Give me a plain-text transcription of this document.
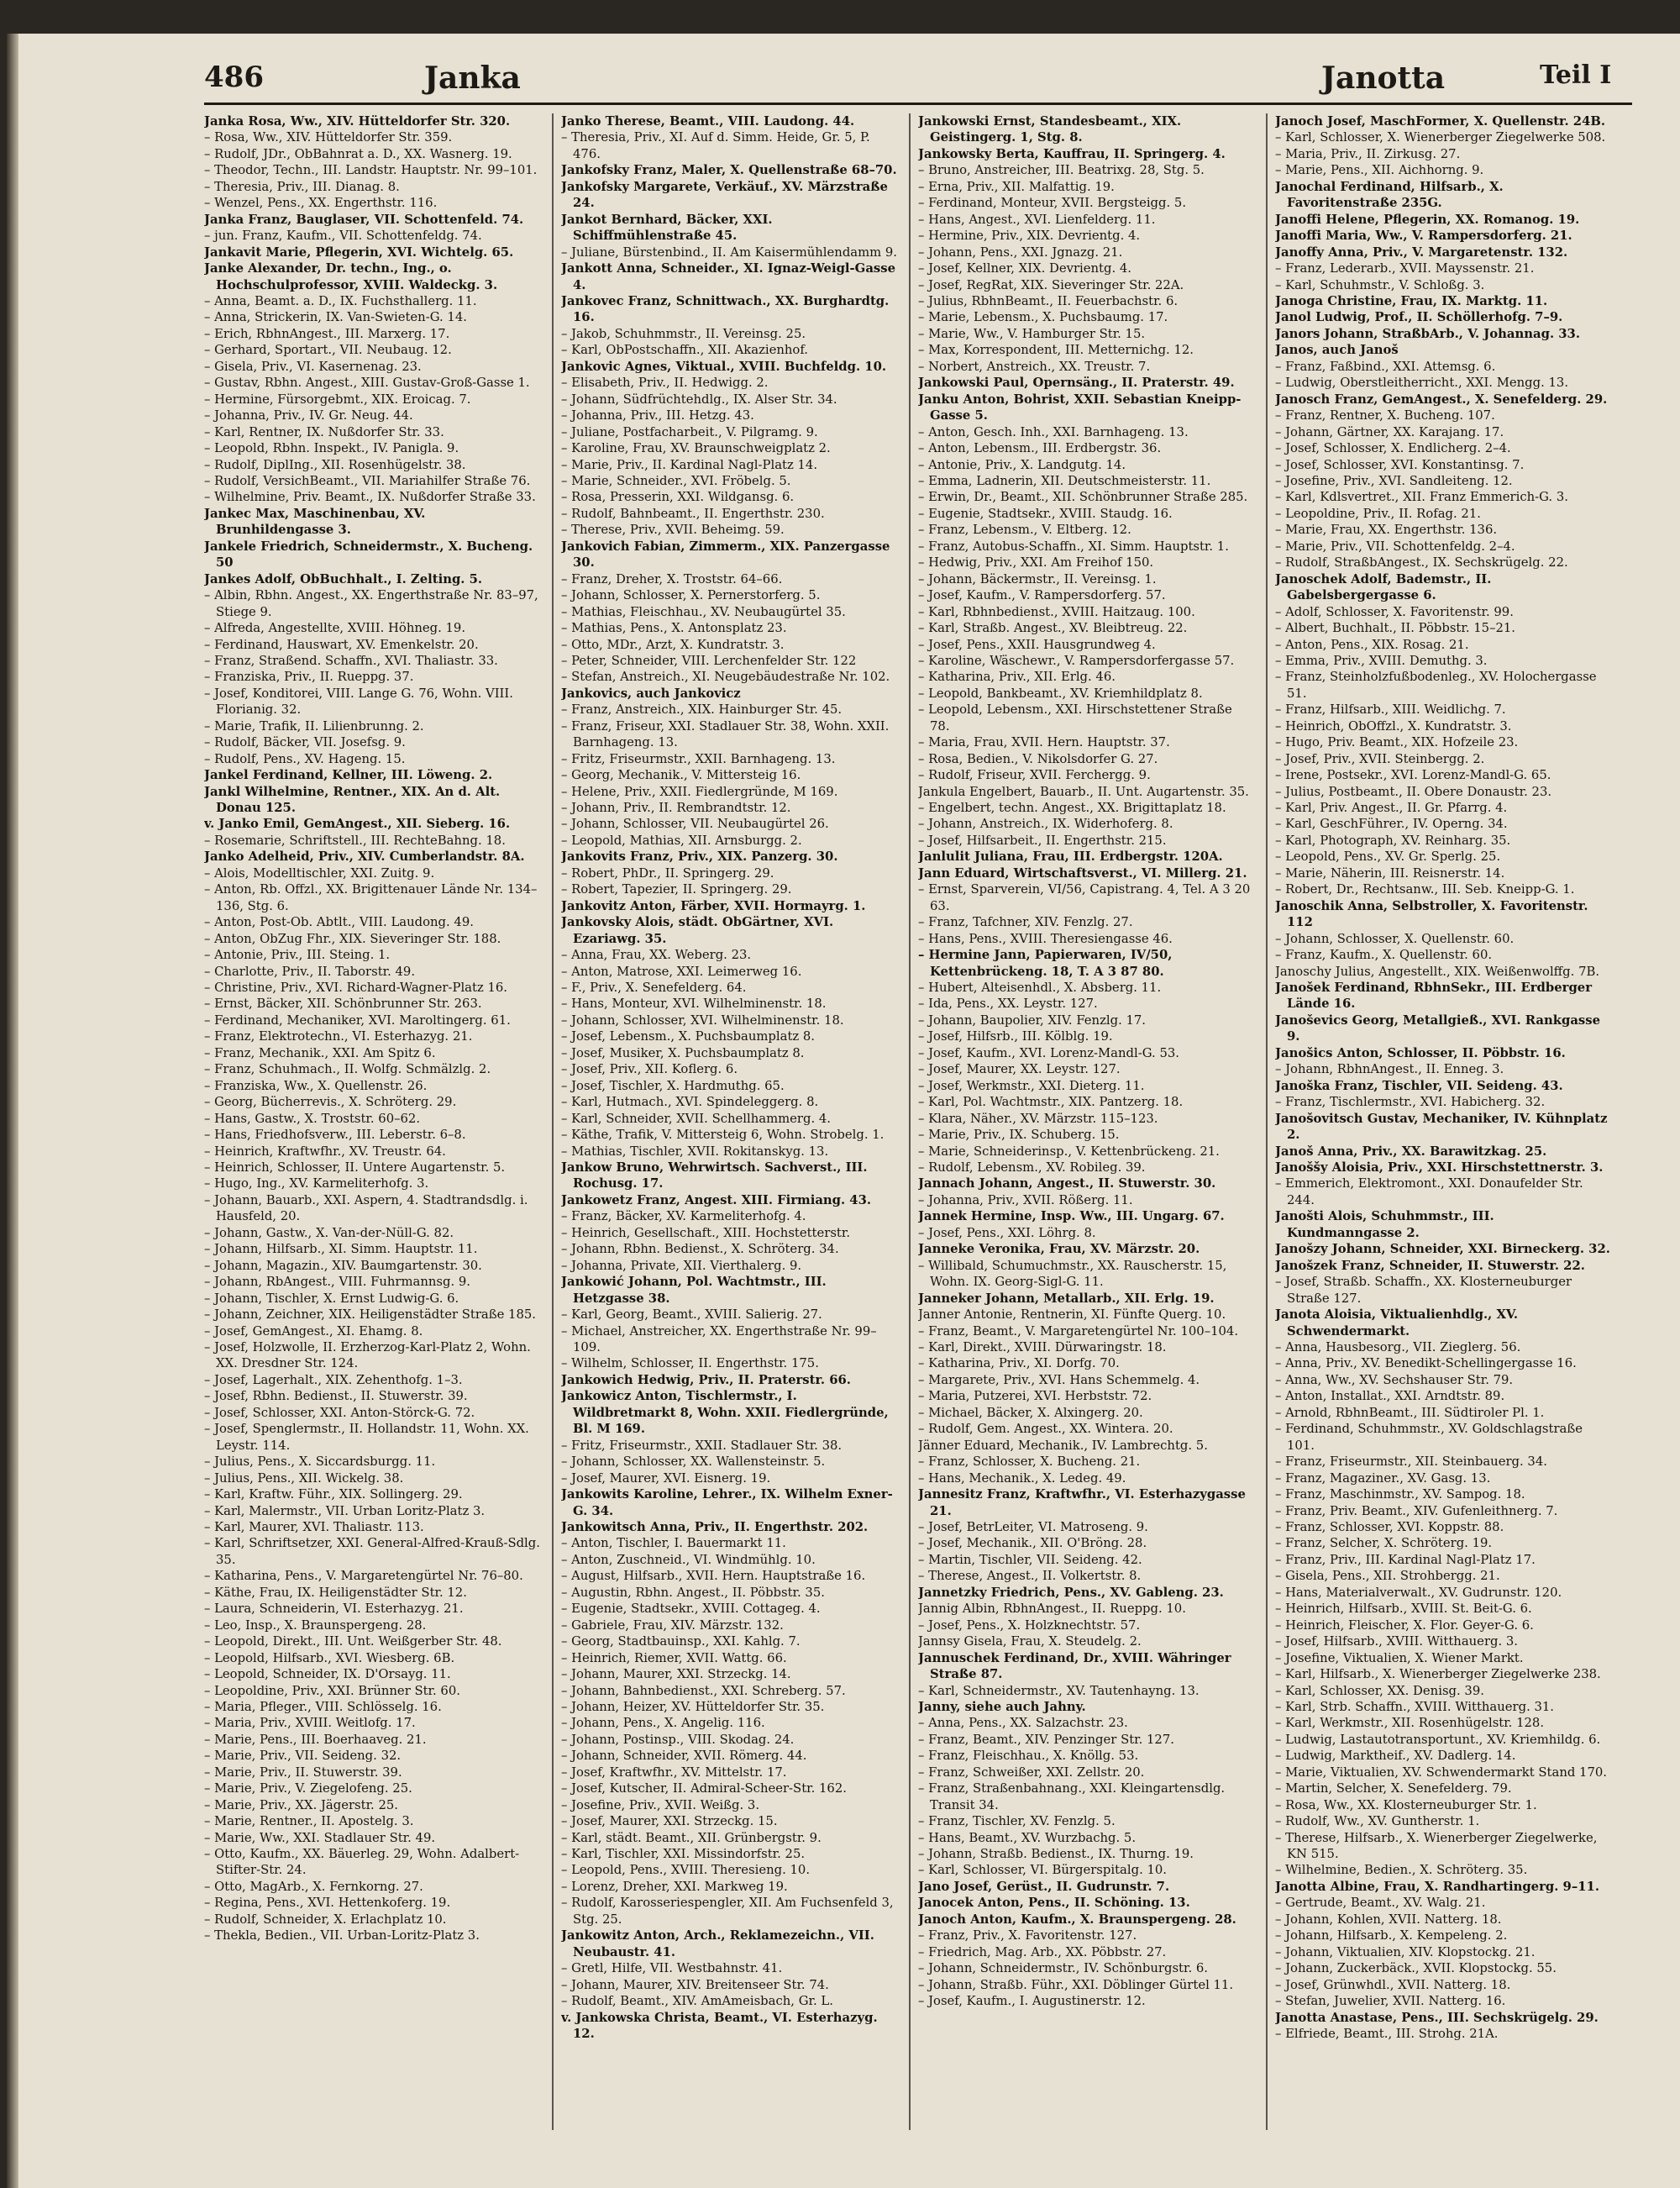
486	Janka	Janotta	Teil I

Janka Rosa, Ww., XIV. Hütteldorfer Str. 320.

– Rosa, Ww., XIV. Hütteldorfer Str. 359.

– Rudolf, JDr., ObBahnrat a. D., XX. Wasnerg. 19.

– Theodor, Techn., III. Landstr. Hauptstr. Nr. 99–101.

– Theresia, Priv., III. Dianag. 8.

– Wenzel, Pens., XX. Engerthstr. 116.

Janka Franz, Bauglaser, VII. Schottenfeld. 74.

– jun. Franz, Kaufm., VII. Schottenfeldg. 74.

Jankavit Marie, Pflegerin, XVI. Wichtelg. 65.

Janke Alexander, Dr. techn., Ing., o. Hochschulprofessor, XVIII. Waldeckg. 3.

– Anna, Beamt. a. D., IX. Fuchsthallerg. 11.

– Anna, Strickerin, IX. Van-Swieten-G. 14.

– Erich, RbhnAngest., III. Marxerg. 17.

– Gerhard, Sportart., VII. Neubaug. 12.

– Gisela, Priv., VI. Kasernenag. 23.

– Gustav, Rbhn. Angest., XIII. Gustav-Groß-Gasse 1.

– Hermine, Fürsorgebmt., XIX. Eroicag. 7.

– Johanna, Priv., IV. Gr. Neug. 44.

– Karl, Rentner, IX. Nußdorfer Str. 33.

– Leopold, Rbhn. Inspekt., IV. Panigla. 9.

– Rudolf, DiplIng., XII. Rosenhügelstr. 38.

– Rudolf, VersichBeamt., VII. Mariahilfer Straße 76.

– Wilhelmine, Priv. Beamt., IX. Nußdorfer Straße 33.

Jankec Max, Maschinenbau, XV. Brunhildengasse 3.

Jankele Friedrich, Schneidermstr., X. Bucheng. 50

Jankes Adolf, ObBuchhalt., I. Zelting. 5.

– Albin, Rbhn. Angest., XX. Engerthstraße Nr. 83–97, Stiege 9.

– Alfreda, Angestellte, XVIII. Höhneg. 19.

– Ferdinand, Hauswart, XV. Emenkelstr. 20.

– Franz, Straßend. Schaffn., XVI. Thaliastr. 33.

– Franziska, Priv., II. Rueppg. 37.

– Josef, Konditorei, VIII. Lange G. 76, Wohn. VIII. Florianig. 32.

– Marie, Trafik, II. Lilienbrunng. 2.

– Rudolf, Bäcker, VII. Josefsg. 9.

– Rudolf, Pens., XV. Hageng. 15.

Jankel Ferdinand, Kellner, III. Löweng. 2.

Jankl Wilhelmine, Rentner., XIX. An d. Alt. Donau 125.

v. Janko Emil, GemAngest., XII. Sieberg. 16.

– Rosemarie, Schriftstell., III. RechteBahng. 18.

Janko Adelheid, Priv., XIV. Cumberlandstr. 8A.

– Alois, Modelltischler, XXI. Zuitg. 9.

– Anton, Rb. Offzl., XX. Brigittenauer Lände Nr. 134–136, Stg. 6.

– Anton, Post-Ob. Abtlt., VIII. Laudong. 49.

– Anton, ObZug Fhr., XIX. Sieveringer Str. 188.

– Antonie, Priv., III. Steing. 1.

– Charlotte, Priv., II. Taborstr. 49.

– Christine, Priv., XVI. Richard-Wagner-Platz 16.

– Ernst, Bäcker, XII. Schönbrunner Str. 263.

– Ferdinand, Mechaniker, XVI. Maroltingerg. 61.

– Franz, Elektrotechn., VI. Esterhazyg. 21.

– Franz, Mechanik., XXI. Am Spitz 6.

– Franz, Schuhmach., II. Wolfg. Schmälzlg. 2.

– Franziska, Ww., X. Quellenstr. 26.

– Georg, Bücherrevis., X. Schröterg. 29.

– Hans, Gastw., X. Troststr. 60–62.

– Hans, Friedhofsverw., III. Leberstr. 6–8.

– Heinrich, Kraftwfhr., XV. Treustr. 64.

– Heinrich, Schlosser, II. Untere Augartenstr. 5.

– Hugo, Ing., XV. Karmeliterhofg. 3.

– Johann, Bauarb., XXI. Aspern, 4. Stadtrandsdlg. i. Hausfeld, 20.

– Johann, Gastw., X. Van-der-Nüll-G. 82.

– Johann, Hilfsarb., XI. Simm. Hauptstr. 11.

– Johann, Magazin., XIV. Baumgartenstr. 30.

– Johann, RbAngest., VIII. Fuhrmannsg. 9.

– Johann, Tischler, X. Ernst Ludwig-G. 6.

– Johann, Zeichner, XIX. Heiligenstädter Straße 185.

– Josef, GemAngest., XI. Ehamg. 8.

– Josef, Holzwolle, II. Erzherzog-Karl-Platz 2, Wohn. XX. Dresdner Str. 124.

– Josef, Lagerhalt., XIX. Zehenthofg. 1–3.

– Josef, Rbhn. Bedienst., II. Stuwerstr. 39.

– Josef, Schlosser, XXI. Anton-Störck-G. 72.

– Josef, Spenglermstr., II. Hollandstr. 11, Wohn. XX. Leystr. 114.

– Julius, Pens., X. Siccardsburgg. 11.

– Julius, Pens., XII. Wickelg. 38.

– Karl, Kraftw. Führ., XIX. Sollingerg. 29.

– Karl, Malermstr., VII. Urban Loritz-Platz 3.

– Karl, Maurer, XVI. Thaliastr. 113.

– Karl, Schriftsetzer, XXI. General-Alfred-Krauß-Sdlg. 35.

– Katharina, Pens., V. Margaretengürtel Nr. 76–80.

– Käthe, Frau, IX. Heiligenstädter Str. 12.

– Laura, Schneiderin, VI. Esterhazyg. 21.

– Leo, Insp., X. Braunspergeng. 28.

– Leopold, Direkt., III. Unt. Weißgerber Str. 48.

– Leopold, Hilfsarb., XVI. Wiesberg. 6B.

– Leopold, Schneider, IX. D'Orsayg. 11.

– Leopoldine, Priv., XXI. Brünner Str. 60.

– Maria, Pfleger., VIII. Schlösselg. 16.

– Maria, Priv., XVIII. Weitlofg. 17.

– Marie, Pens., III. Boerhaaveg. 21.

– Marie, Priv., VII. Seideng. 32.

– Marie, Priv., II. Stuwerstr. 39.

– Marie, Priv., V. Ziegelofeng. 25.

– Marie, Priv., XX. Jägerstr. 25.

– Marie, Rentner., II. Apostelg. 3.

– Marie, Ww., XXI. Stadlauer Str. 49.

– Otto, Kaufm., XX. Bäuerleg. 29, Wohn. Adalbert-Stifter-Str. 24.

– Otto, MagArb., X. Fernkorng. 27.

– Regina, Pens., XVI. Hettenkoferg. 19.

– Rudolf, Schneider, X. Erlachplatz 10.

– Thekla, Bedien., VII. Urban-Loritz-Platz 3.

Janko Therese, Beamt., VIII. Laudong. 44.

– Theresia, Priv., XI. Auf d. Simm. Heide, Gr. 5, P. 476.

Jankofsky Franz, Maler, X. Quellenstraße 68–70.

Jankofsky Margarete, Verkäuf., XV. Märzstraße 24.

Jankot Bernhard, Bäcker, XXI. Schiffmühlenstraße 45.

– Juliane, Bürstenbind., II. Am Kaisermühlendamm 9.

Jankott Anna, Schneider., XI. Ignaz-Weigl-Gasse 4.

Jankovec Franz, Schnittwach., XX. Burghardtg. 16.

– Jakob, Schuhmmstr., II. Vereinsg. 25.

– Karl, ObPostschaffn., XII. Akazienhof.

Jankovic Agnes, Viktual., XVIII. Buchfeldg. 10.

– Elisabeth, Priv., II. Hedwigg. 2.

– Johann, Südfrüchtehdlg., IX. Alser Str. 34.

– Johanna, Priv., III. Hetzg. 43.

– Juliane, Postfacharbeit., V. Pilgramg. 9.

– Karoline, Frau, XV. Braunschweigplatz 2.

– Marie, Priv., II. Kardinal Nagl-Platz 14.

– Marie, Schneider., XVI. Fröbelg. 5.

– Rosa, Presserin, XXI. Wildgansg. 6.

– Rudolf, Bahnbeamt., II. Engerthstr. 230.

– Therese, Priv., XVII. Beheimg. 59.

Jankovich Fabian, Zimmerm., XIX. Panzergasse 30.

– Franz, Dreher, X. Troststr. 64–66.

– Johann, Schlosser, X. Pernerstorferg. 5.

– Mathias, Fleischhau., XV. Neubaugürtel 35.

– Mathias, Pens., X. Antonsplatz 23.

– Otto, MDr., Arzt, X. Kundratstr. 3.

– Peter, Schneider, VIII. Lerchenfelder Str. 122

– Stefan, Anstreich., XI. Neugebäudestraße Nr. 102.

Jankovics, auch Jankovicz

– Franz, Anstreich., XIX. Hainburger Str. 45.

– Franz, Friseur, XXI. Stadlauer Str. 38, Wohn. XXII. Barnhageng. 13.

– Fritz, Friseurmstr., XXII. Barnhageng. 13.

– Georg, Mechanik., V. Mittersteig 16.

– Helene, Priv., XXII. Fiedlergründe, M 169.

– Johann, Priv., II. Rembrandtstr. 12.

– Johann, Schlosser, VII. Neubaugürtel 26.

– Leopold, Mathias, XII. Arnsburgg. 2.

Jankovits Franz, Priv., XIX. Panzerg. 30.

– Robert, PhDr., II. Springerg. 29.

– Robert, Tapezier, II. Springerg. 29.

Jankovitz Anton, Färber, XVII. Hormayrg. 1.

Jankovsky Alois, städt. ObGärtner, XVI. Ezariawg. 35.

– Anna, Frau, XX. Weberg. 23.

– Anton, Matrose, XXI. Leimerweg 16.

– F., Priv., X. Senefelderg. 64.

– Hans, Monteur, XVI. Wilhelminenstr. 18.

– Johann, Schlosser, XVI. Wilhelminenstr. 18.

– Josef, Lebensm., X. Puchsbaumplatz 8.

– Josef, Musiker, X. Puchsbaumplatz 8.

– Josef, Priv., XII. Koflerg. 6.

– Josef, Tischler, X. Hardmuthg. 65.

– Karl, Hutmach., XVI. Spindeleggerg. 8.

– Karl, Schneider, XVII. Schellhammerg. 4.

– Käthe, Trafik, V. Mittersteig 6, Wohn. Strobelg. 1.

– Mathias, Tischler, XVII. Rokitanskyg. 13.

Jankow Bruno, Wehrwirtsch. Sachverst., III. Rochusg. 17.

Jankowetz Franz, Angest. XIII. Firmiang. 43.

– Franz, Bäcker, XV. Karmeliterhofg. 4.

– Heinrich, Gesellschaft., XIII. Hochstetterstr.

– Johann, Rbhn. Bedienst., X. Schröterg. 34.

– Johanna, Private, XII. Vierthalerg. 9.

Jankowić Johann, Pol. Wachtmstr., III. Hetzgasse 38.

– Karl, Georg, Beamt., XVIII. Salierig. 27.

– Michael, Anstreicher, XX. Engerthstraße Nr. 99–109.

– Wilhelm, Schlosser, II. Engerthstr. 175.

Jankowich Hedwig, Priv., II. Praterstr. 66.

Jankowicz Anton, Tischlermstr., I. Wildbretmarkt 8, Wohn. XXII. Fiedlergründe, Bl. M 169.

– Fritz, Friseurmstr., XXII. Stadlauer Str. 38.

– Johann, Schlosser, XX. Wallensteinstr. 5.

– Josef, Maurer, XVI. Eisnerg. 19.

Jankowits Karoline, Lehrer., IX. Wilhelm Exner-G. 34.

Jankowitsch Anna, Priv., II. Engerthstr. 202.

– Anton, Tischler, I. Bauermarkt 11.

– Anton, Zuschneid., VI. Windmühlg. 10.

– August, Hilfsarb., XVII. Hern. Hauptstraße 16.

– Augustin, Rbhn. Angest., II. Pöbbstr. 35.

– Eugenie, Stadtsekr., XVIII. Cottageg. 4.

– Gabriele, Frau, XIV. Märzstr. 132.

– Georg, Stadtbauinsp., XXI. Kahlg. 7.

– Heinrich, Riemer, XVII. Wattg. 66.

– Johann, Maurer, XXI. Strzeckg. 14.

– Johann, Bahnbedienst., XXI. Schreberg. 57.

– Johann, Heizer, XV. Hütteldorfer Str. 35.

– Johann, Pens., X. Angelig. 116.

– Johann, Postinsp., VIII. Skodag. 24.

– Johann, Schneider, XVII. Römerg. 44.

– Josef, Kraftwfhr., XV. Mittelstr. 17.

– Josef, Kutscher, II. Admiral-Scheer-Str. 162.

– Josefine, Priv., XVII. Weißg. 3.

– Josef, Maurer, XXI. Strzeckg. 15.

– Karl, städt. Beamt., XII. Grünbergstr. 9.

– Karl, Tischler, XXI. Missindorfstr. 25.

– Leopold, Pens., XVIII. Theresieng. 10.

– Lorenz, Dreher, XXI. Markweg 19.

– Rudolf, Karosseriespengler, XII. Am Fuchsenfeld 3, Stg. 25.

Jankowitz Anton, Arch., Reklamezeichn., VII. Neubaustr. 41.

– Gretl, Hilfe, VII. Westbahnstr. 41.

– Johann, Maurer, XIV. Breitenseer Str. 74.

– Rudolf, Beamt., XIV. AmAmeisbach, Gr. L.

v. Jankowska Christa, Beamt., VI. Esterhazyg. 12.

Jankowski Ernst, Standesbeamt., XIX. Geistingerg. 1, Stg. 8.

Jankowsky Berta, Kauffrau, II. Springerg. 4.

– Bruno, Anstreicher, III. Beatrixg. 28, Stg. 5.

– Erna, Priv., XII. Malfattig. 19.

– Ferdinand, Monteur, XVII. Bergsteigg. 5.

– Hans, Angest., XVI. Lienfelderg. 11.

– Hermine, Priv., XIX. Devrientg. 4.

– Johann, Pens., XXI. Jgnazg. 21.

– Josef, Kellner, XIX. Devrientg. 4.

– Josef, RegRat, XIX. Sieveringer Str. 22A.

– Julius, RbhnBeamt., II. Feuerbachstr. 6.

– Marie, Lebensm., X. Puchsbaumg. 17.

– Marie, Ww., V. Hamburger Str. 15.

– Max, Korrespondent, III. Metternichg. 12.

– Norbert, Anstreich., XX. Treustr. 7.

Jankowski Paul, Opernsäng., II. Praterstr. 49.

Janku Anton, Bohrist, XXII. Sebastian Kneipp-Gasse 5.

– Anton, Gesch. Inh., XXI. Barnhageng. 13.

– Anton, Lebensm., III. Erdbergstr. 36.

– Antonie, Priv., X. Landgutg. 14.

– Emma, Ladnerin, XII. Deutschmeisterstr. 11.

– Erwin, Dr., Beamt., XII. Schönbrunner Straße 285.

– Eugenie, Stadtsekr., XVIII. Staudg. 16.

– Franz, Lebensm., V. Eltberg. 12.

– Franz, Autobus-Schaffn., XI. Simm. Hauptstr. 1.

– Hedwig, Priv., XXI. Am Freihof 150.

– Johann, Bäckermstr., II. Vereinsg. 1.

– Josef, Kaufm., V. Rampersdorferg. 57.

– Karl, Rbhnbedienst., XVIII. Haitzaug. 100.

– Karl, Straßb. Angest., XV. Bleibtreug. 22.

– Josef, Pens., XXII. Hausgrundweg 4.

– Karoline, Wäschewr., V. Rampersdorfergasse 57.

– Katharina, Priv., XII. Erlg. 46.

– Leopold, Bankbeamt., XV. Kriemhildplatz 8.

– Leopold, Lebensm., XXI. Hirschstettener Straße 78.

– Maria, Frau, XVII. Hern. Hauptstr. 37.

– Rosa, Bedien., V. Nikolsdorfer G. 27.

– Rudolf, Friseur, XVII. Ferchergg. 9.

Jankula Engelbert, Bauarb., II. Unt. Augartenstr. 35.

– Engelbert, techn. Angest., XX. Brigittaplatz 18.

– Johann, Anstreich., IX. Widerhoferg. 8.

– Josef, Hilfsarbeit., II. Engerthstr. 215.

Janlulit Juliana, Frau, III. Erdbergstr. 120A.

Jann Eduard, Wirtschaftsverst., VI. Millerg. 21.

– Ernst, Sparverein, VI/56, Capistrang. 4, Tel. A 3 20 63.

– Franz, Tafchner, XIV. Fenzlg. 27.

– Hans, Pens., XVIII. Theresiengasse 46.

– Hermine Jann, Papierwaren, IV/50, Kettenbrückeng. 18, T. A 3 87 80.

– Hubert, Alteisenhdl., X. Absberg. 11.

– Ida, Pens., XX. Leystr. 127.

– Johann, Baupolier, XIV. Fenzlg. 17.

– Josef, Hilfsrb., III. Kölblg. 19.

– Josef, Kaufm., XVI. Lorenz-Mandl-G. 53.

– Josef, Maurer, XX. Leystr. 127.

– Josef, Werkmstr., XXI. Dieterg. 11.

– Karl, Pol. Wachtmstr., XIX. Pantzerg. 18.

– Klara, Näher., XV. Märzstr. 115–123.

– Marie, Priv., IX. Schuberg. 15.

– Marie, Schneiderinsp., V. Kettenbrückeng. 21.

– Rudolf, Lebensm., XV. Robileg. 39.

Jannach Johann, Angest., II. Stuwerstr. 30.

– Johanna, Priv., XVII. Rößerg. 11.

Jannek Hermine, Insp. Ww., III. Ungarg. 67.

– Josef, Pens., XXI. Löhrg. 8.

Janneke Veronika, Frau, XV. Märzstr. 20.

– Willibald, Schumuchmstr., XX. Rauscherstr. 15, Wohn. IX. Georg-Sigl-G. 11.

Janneker Johann, Metallarb., XII. Erlg. 19.

Janner Antonie, Rentnerin, XI. Fünfte Querg. 10.

– Franz, Beamt., V. Margaretengürtel Nr. 100–104.

– Karl, Direkt., XVIII. Dürwaringstr. 18.

– Katharina, Priv., XI. Dorfg. 70.

– Margarete, Priv., XVI. Hans Schemmelg. 4.

– Maria, Putzerei, XVI. Herbststr. 72.

– Michael, Bäcker, X. Alxingerg. 20.

– Rudolf, Gem. Angest., XX. Wintera. 20.

Jänner Eduard, Mechanik., IV. Lambrechtg. 5.

– Franz, Schlosser, X. Bucheng. 21.

– Hans, Mechanik., X. Ledeg. 49.

Jannesitz Franz, Kraftwfhr., VI. Esterhazygasse 21.

– Josef, BetrLeiter, VI. Matroseng. 9.

– Josef, Mechanik., XII. O'Bröng. 28.

– Martin, Tischler, VII. Seideng. 42.

– Therese, Angest., II. Volkertstr. 8.

Jannetzky Friedrich, Pens., XV. Gableng. 23.

Jannig Albin, RbhnAngest., II. Rueppg. 10.

– Josef, Pens., X. Holzknechtstr. 57.

Jannsy Gisela, Frau, X. Steudelg. 2.

Jannuschek Ferdinand, Dr., XVIII. Währinger Straße 87.

– Karl, Schneidermstr., XV. Tautenhayng. 13.

Janny, siehe auch Jahny.

– Anna, Pens., XX. Salzachstr. 23.

– Franz, Beamt., XIV. Penzinger Str. 127.

– Franz, Fleischhau., X. Knöllg. 53.

– Franz, Schweißer, XXI. Zellstr. 20.

– Franz, Straßenbahnang., XXI. Kleingartensdlg. Transit 34.

– Franz, Tischler, XV. Fenzlg. 5.

– Hans, Beamt., XV. Wurzbachg. 5.

– Johann, Straßb. Bedienst., IX. Thurng. 19.

– Karl, Schlosser, VI. Bürgerspitalg. 10.

Jano Josef, Gerüst., II. Gudrunstr. 7.

Janocek Anton, Pens., II. Schöning. 13.

Janoch Anton, Kaufm., X. Braunspergeng. 28.

– Franz, Priv., X. Favoritenstr. 127.

– Friedrich, Mag. Arb., XX. Pöbbstr. 27.

– Johann, Schneidermstr., IV. Schönburgstr. 6.

– Johann, Straßb. Führ., XXI. Döblinger Gürtel 11.

– Josef, Kaufm., I. Augustinerstr. 12.

Janoch Josef, MaschFormer, X. Quellenstr. 24B.

– Karl, Schlosser, X. Wienerberger Ziegelwerke 508.

– Maria, Priv., II. Zirkusg. 27.

– Marie, Pens., XII. Aichhorng. 9.

Janochal Ferdinand, Hilfsarb., X. Favoritenstraße 235G.

Janoffi Helene, Pflegerin, XX. Romanog. 19.

Janoffi Maria, Ww., V. Rampersdorferg. 21.

Janoffy Anna, Priv., V. Margaretenstr. 132.

– Franz, Lederarb., XVII. Mayssenstr. 21.

– Karl, Schuhmstr., V. Schloßg. 3.

Janoga Christine, Frau, IX. Marktg. 11.

Janol Ludwig, Prof., II. Schöllerhofg. 7–9.

Janors Johann, StraßbArb., V. Johannag. 33.

Janos, auch Janoš

– Franz, Faßbind., XXI. Attemsg. 6.

– Ludwig, Oberstleitherricht., XXI. Mengg. 13.

Janosch Franz, GemAngest., X. Senefelderg. 29.

– Franz, Rentner, X. Bucheng. 107.

– Johann, Gärtner, XX. Karajang. 17.

– Josef, Schlosser, X. Endlicherg. 2–4.

– Josef, Schlosser, XVI. Konstantinsg. 7.

– Josefine, Priv., XVI. Sandleiteng. 12.

– Karl, Kdlsvertret., XII. Franz Emmerich-G. 3.

– Leopoldine, Priv., II. Rofag. 21.

– Marie, Frau, XX. Engerthstr. 136.

– Marie, Priv., VII. Schottenfeldg. 2–4.

– Rudolf, StraßbAngest., IX. Sechskrügelg. 22.

Janoschek Adolf, Bademstr., II. Gabelsbergergasse 6.

– Adolf, Schlosser, X. Favoritenstr. 99.

– Albert, Buchhalt., II. Pöbbstr. 15–21.

– Anton, Pens., XIX. Rosag. 21.

– Emma, Priv., XVIII. Demuthg. 3.

– Franz, Steinholzfußbodenleg., XV. Holochergasse 51.

– Franz, Hilfsarb., XIII. Weidlichg. 7.

– Heinrich, ObOffzl., X. Kundratstr. 3.

– Hugo, Priv. Beamt., XIX. Hofzeile 23.

– Josef, Priv., XVII. Steinbergg. 2.

– Irene, Postsekr., XVI. Lorenz-Mandl-G. 65.

– Julius, Postbeamt., II. Obere Donaustr. 23.

– Karl, Priv. Angest., II. Gr. Pfarrg. 4.

– Karl, GeschFührer., IV. Operng. 34.

– Karl, Photograph, XV. Reinharg. 35.

– Leopold, Pens., XV. Gr. Sperlg. 25.

– Marie, Näherin, III. Reisnerstr. 14.

– Robert, Dr., Rechtsanw., III. Seb. Kneipp-G. 1.

Janoschik Anna, Selbstroller, X. Favoritenstr. 112

– Johann, Schlosser, X. Quellenstr. 60.

– Franz, Kaufm., X. Quellenstr. 60.

Janoschy Julius, Angestellt., XIX. Weißenwolffg. 7B.

Janošek Ferdinand, RbhnSekr., III. Erdberger Lände 16.

Janoševics Georg, Metallgieß., XVI. Rankgasse 9.

Janošics Anton, Schlosser, II. Pöbbstr. 16.

– Johann, RbhnAngest., II. Enneg. 3.

Janoška Franz, Tischler, VII. Seideng. 43.

– Franz, Tischlermstr., XVI. Habicherg. 32.

Janošovitsch Gustav, Mechaniker, IV. Kühnplatz 2.

Janoš Anna, Priv., XX. Barawitzkag. 25.

Janoššy Aloisia, Priv., XXI. Hirschstettnerstr. 3.

– Emmerich, Elektromont., XXI. Donaufelder Str. 244.

Janošti Alois, Schuhmmstr., III. Kundmanngasse 2.

Janošzy Johann, Schneider, XXI. Birneckerg. 32.

Janošzek Franz, Schneider, II. Stuwerstr. 22.

– Josef, Straßb. Schaffn., XX. Klosterneuburger Straße 127.

Janota Aloisia, Viktualienhdlg., XV. Schwendermarkt.

– Anna, Hausbesorg., VII. Zieglerg. 56.

– Anna, Priv., XV. Benedikt-Schellingergasse 16.

– Anna, Ww., XV. Sechshauser Str. 79.

– Anton, Installat., XXI. Arndtstr. 89.

– Arnold, RbhnBeamt., III. Südtiroler Pl. 1.

– Ferdinand, Schuhmmstr., XV. Goldschlagstraße 101.

– Franz, Friseurmstr., XII. Steinbauerg. 34.

– Franz, Magaziner., XV. Gasg. 13.

– Franz, Maschinmstr., XV. Sampog. 18.

– Franz, Priv. Beamt., XIV. Gufenleithnerg. 7.

– Franz, Schlosser, XVI. Koppstr. 88.

– Franz, Selcher, X. Schröterg. 19.

– Franz, Priv., III. Kardinal Nagl-Platz 17.

– Gisela, Pens., XII. Strohbergg. 21.

– Hans, Materialverwalt., XV. Gudrunstr. 120.

– Heinrich, Hilfsarb., XVIII. St. Beit-G. 6.

– Heinrich, Fleischer, X. Flor. Geyer-G. 6.

– Josef, Hilfsarb., XVIII. Witthauerg. 3.

– Josefine, Viktualien, X. Wiener Markt.

– Karl, Hilfsarb., X. Wienerberger Ziegelwerke 238.

– Karl, Schlosser, XX. Denisg. 39.

– Karl, Strb. Schaffn., XVIII. Witthauerg. 31.

– Karl, Werkmstr., XII. Rosenhügelstr. 128.

– Ludwig, Lastautotransportunt., XV. Kriemhildg. 6.

– Ludwig, Marktheif., XV. Dadlerg. 14.

– Marie, Viktualien, XV. Schwendermarkt Stand 170.

– Martin, Selcher, X. Senefelderg. 79.

– Rosa, Ww., XX. Klosterneuburger Str. 1.

– Rudolf, Ww., XV. Guntherstr. 1.

– Therese, Hilfsarb., X. Wienerberger Ziegelwerke, KN 515.

– Wilhelmine, Bedien., X. Schröterg. 35.

Janotta Albine, Frau, X. Randhartingerg. 9–11.

– Gertrude, Beamt., XV. Walg. 21.

– Johann, Kohlen, XVII. Natterg. 18.

– Johann, Hilfsarb., X. Kempeleng. 2.

– Johann, Viktualien, XIV. Klopstockg. 21.

– Johann, Zuckerbäck., XVII. Klopstockg. 55.

– Josef, Grünwhdl., XVII. Natterg. 18.

– Stefan, Juwelier, XVII. Natterg. 16.

Janotta Anastase, Pens., III. Sechskrügelg. 29.

– Elfriede, Beamt., III. Strohg. 21A.
